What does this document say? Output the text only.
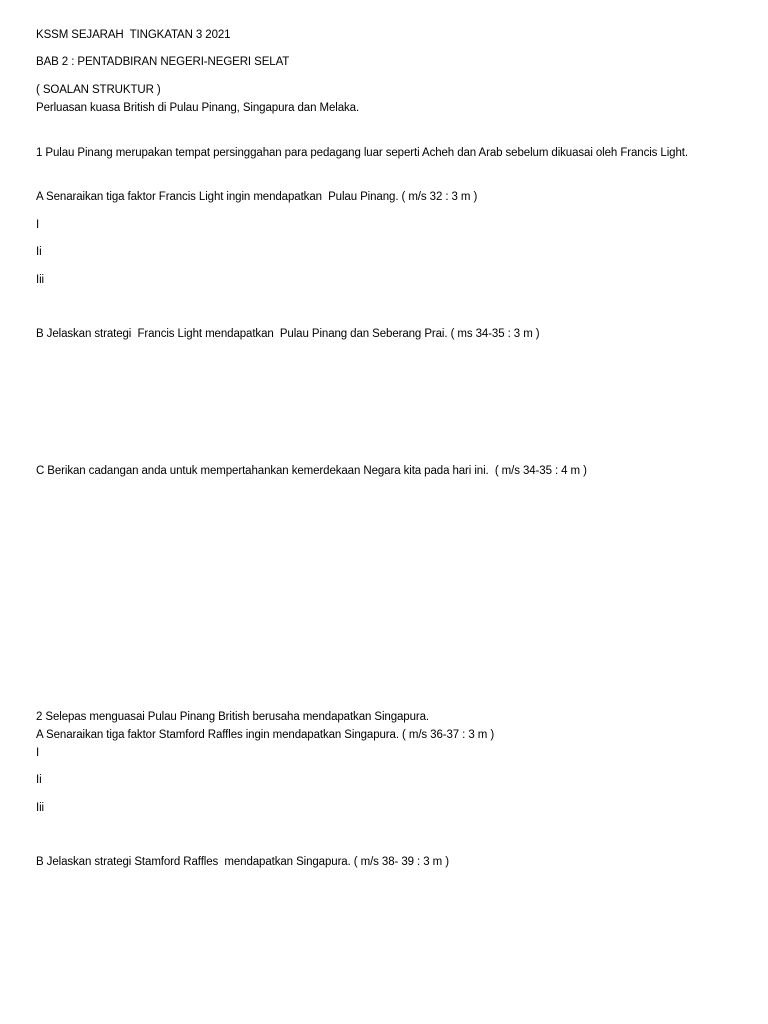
KSSM SEJARAH  TINGKATAN 3 2021
BAB 2 : PENTADBIRAN NEGERI-NEGERI SELAT
( SOALAN STRUKTUR )
Perluasan kuasa British di Pulau Pinang, Singapura dan Melaka.
1 Pulau Pinang merupakan tempat persinggahan para pedagang luar seperti Acheh dan Arab sebelum dikuasai oleh Francis Light.
A Senaraikan tiga faktor Francis Light ingin mendapatkan  Pulau Pinang. ( m/s 32 : 3 m )
I
Ii
Iii
B Jelaskan strategi  Francis Light mendapatkan  Pulau Pinang dan Seberang Prai. ( ms 34-35 : 3 m )
C Berikan cadangan anda untuk mempertahankan kemerdekaan Negara kita pada hari ini.  ( m/s 34-35 : 4 m )
2 Selepas menguasai Pulau Pinang British berusaha mendapatkan Singapura.
A Senaraikan tiga faktor Stamford Raffles ingin mendapatkan Singapura. ( m/s 36-37 : 3 m )
I
Ii
Iii
B Jelaskan strategi Stamford Raffles  mendapatkan Singapura. ( m/s 38- 39 : 3 m )
